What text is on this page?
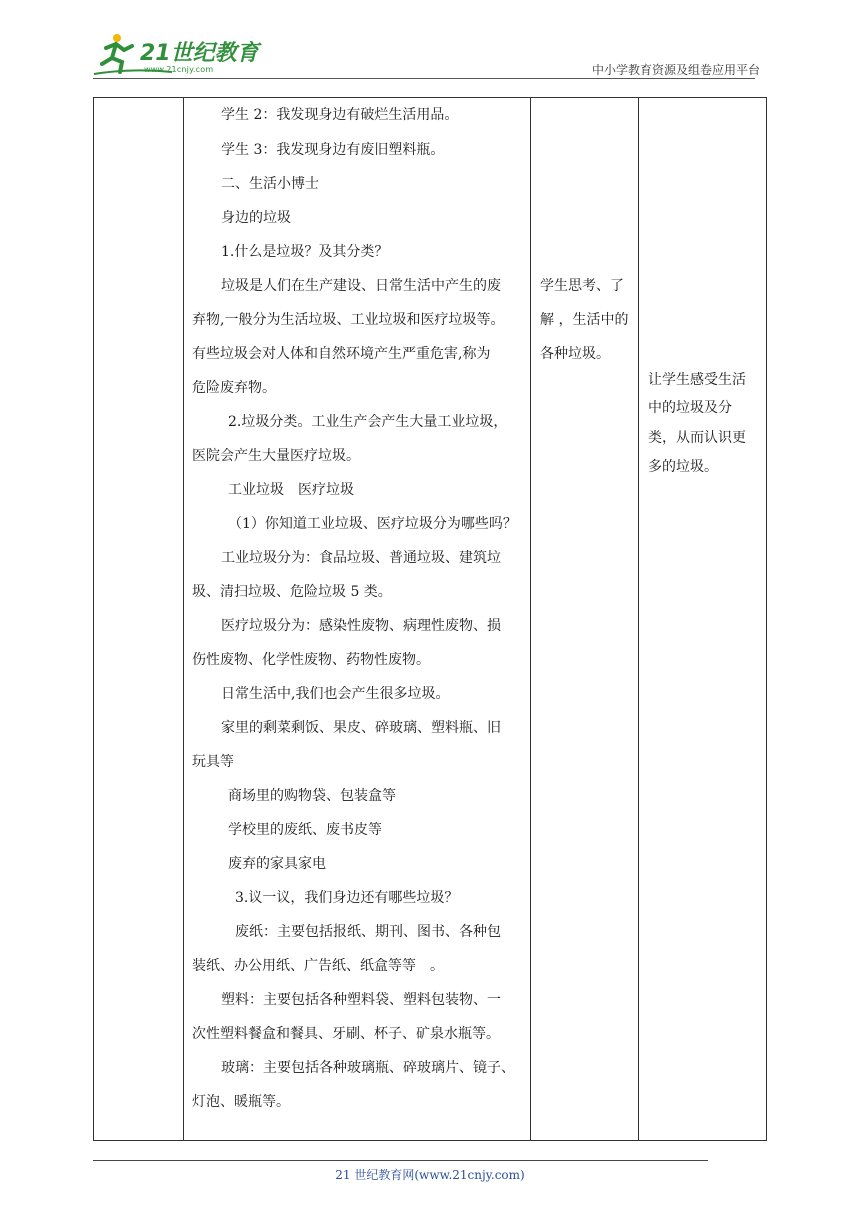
21世纪教育
www.21cnjy.com	中小学教育资源及组卷应用平台
学生 2：我发现身边有破烂生活用品。
学生 3：我发现身边有废旧塑料瓶。
二、生活小博士
身边的垃圾
1.什么是垃圾？及其分类？
垃圾是人们在生产建设、日常生活中产生的废
弃物,一般分为生活垃圾、工业垃圾和医疗垃圾等。
有些垃圾会对人体和自然环境产生严重危害,称为
危险废弃物。
2.垃圾分类。工业生产会产生大量工业垃圾，
医院会产生大量医疗垃圾。
工业垃圾　医疗垃圾
（1）你知道工业垃圾、医疗垃圾分为哪些吗？
工业垃圾分为：食品垃圾、普通垃圾、建筑垃
圾、清扫垃圾、危险垃圾 5 类。
医疗垃圾分为：感染性废物、病理性废物、损
伤性废物、化学性废物、药物性废物。
日常生活中,我们也会产生很多垃圾。
家里的剩菜剩饭、果皮、碎玻璃、塑料瓶、旧
玩具等
商场里的购物袋、包装盒等
学校里的废纸、废书皮等
废弃的家具家电
3.议一议，我们身边还有哪些垃圾？
废纸：主要包括报纸、期刊、图书、各种包
装纸、办公用纸、广告纸、纸盒等等　。
塑料：主要包括各种塑料袋、塑料包装物、一
次性塑料餐盒和餐具、牙刷、杯子、矿泉水瓶等。
玻璃：主要包括各种玻璃瓶、碎玻璃片、镜子、
灯泡、暖瓶等。
学生思考、了
解 ，生活中的
各种垃圾。
让学生感受生活
中的垃圾及分
类，从而认识更
多的垃圾。
21 世纪教育网(www.21cnjy.com)
